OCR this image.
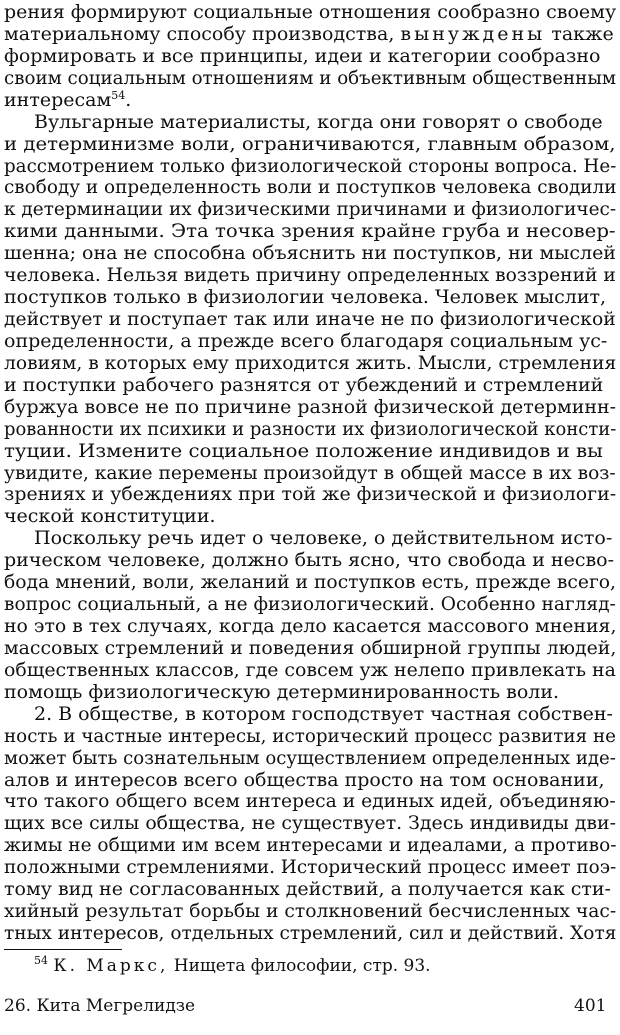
рения формируют социальные отношения сообразно своему
материальному способу производства, вынуждены также
формировать и все принципы, идеи и категории сообразно
своим социальным отношениям и объективным общественным
интересам$^{54}$.
Вульгарные материалисты, когда они говорят о свободе
и детерминизме воли, ограничиваются, главным образом,
рассмотрением только физиологической стороны вопроса. Не-
свободу и определенность воли и поступков человека сводили
к детерминации их физическими причинами и физиологичес-
кими данными. Эта точка зрения крайне груба и несовер-
шенна; она не способна объяснить ни поступков, ни мыслей
человека. Нельзя видеть причину определенных воззрений и
поступков только в физиологии человека. Человек мыслит,
действует и поступает так или иначе не по физиологической
определенности, а прежде всего благодаря социальным ус-
ловиям, в которых ему приходится жить. Мысли, стремления
и поступки рабочего разнятся от убеждений и стремлений
буржуа вовсе не по причине разной физической детерминн-
рованности их психики и разности их физиологической консти-
туции. Измените социальное положение индивидов и вы
увидите, какие перемены произойдут в общей массе в их воз-
зрениях и убеждениях при той же физической и физиологи-
ческой конституции.
Поскольку речь идет о человеке, о действительном исто-
рическом человеке, должно быть ясно, что свобода и несво-
бода мнений, воли, желаний и поступков есть, прежде всего,
вопрос социальный, а не физиологический. Особенно нагляд-
но это в тех случаях, когда дело касается массового мнения,
массовых стремлений и поведения обширной группы людей,
общественных классов, где совсем уж нелепо привлекать на
помощь физиологическую детерминированность воли.
2. В обществе, в котором господствует частная собствен-
ность и частные интересы, исторический процесс развития не
может быть сознательным осуществлением определенных иде-
алов и интересов всего общества просто на том основании,
что такого общего всем интереса и единых идей, объединяю-
щих все силы общества, не существует. Здесь индивиды дви-
жимы не общими им всем интересами и идеалами, а противо-
положными стремлениями. Исторический процесс имеет поэ-
тому вид не согласованных действий, а получается как сти-
хийный результат борьбы и столкновений бесчисленных час-
тных интересов, отдельных стремлений, сил и действий. Хотя
$^{54}$ К. Маркс, Нищета философии, стр. 93.
26. Кита Мегрелидзе	401
